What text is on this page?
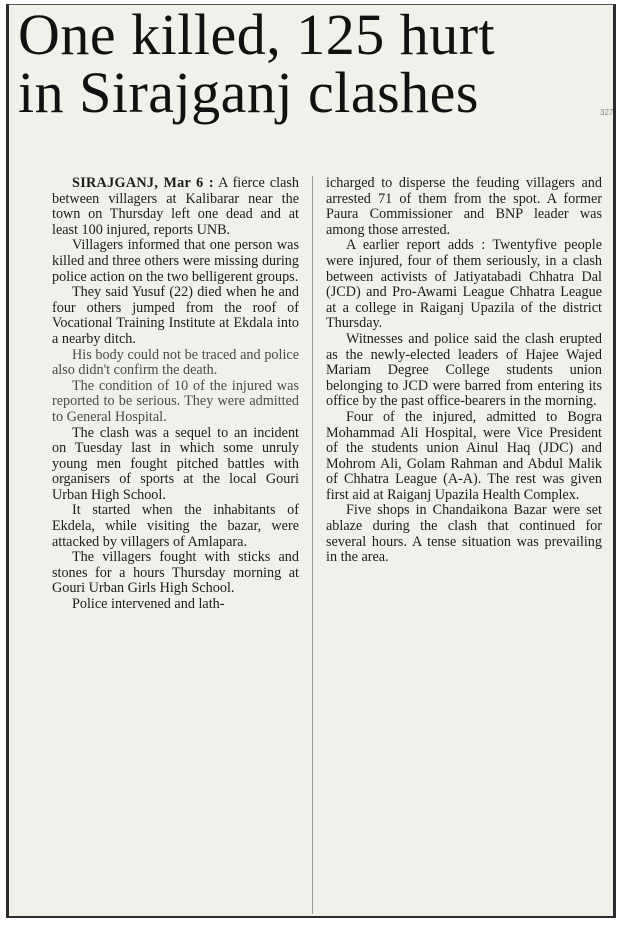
One killed, 125 hurt
in Sirajganj clashes	327

SIRAJGANJ, Mar 6 : A fierce clash between villagers at Kalibarar near the town on Thursday left one dead and at least 100 injured, reports UNB.

Villagers informed that one person was killed and three others were missing during police action on the two belligerent groups.

They said Yusuf (22) died when he and four others jumped from the roof of Vocational Training Institute at Ekdala into a nearby ditch.

His body could not be traced and police also didn't confirm the death.

The condition of 10 of the injured was reported to be serious. They were admitted to General Hospital.

The clash was a sequel to an incident on Tuesday last in which some unruly young men fought pitched battles with organisers of sports at the local Gouri Urban High School.

It started when the inhabitants of Ekdela, while visiting the bazar, were attacked by villagers of Amlapara.

The villagers fought with sticks and stones for a hours Thursday morning at Gouri Urban Girls High School.

Police intervened and lath-

icharged to disperse the feuding villagers and arrested 71 of them from the spot. A former Paura Commissioner and BNP leader was among those arrested.

A earlier report adds : Twentyfive people were injured, four of them seriously, in a clash between activists of Jatiyatabadi Chhatra Dal (JCD) and Pro-Awami League Chhatra League at a college in Raiganj Upazila of the district Thursday.

Witnesses and police said the clash erupted as the newly-elected leaders of Hajee Wajed Mariam Degree College students union belonging to JCD were barred from entering its office by the past office-bearers in the morning.

Four of the injured, admitted to Bogra Mohammad Ali Hospital, were Vice President of the students union Ainul Haq (JDC) and Mohrom Ali, Golam Rahman and Abdul Malik of Chhatra League (A-A). The rest was given first aid at Raiganj Upazila Health Complex.

Five shops in Chandaikona Bazar were set ablaze during the clash that continued for several hours. A tense situation was prevailing in the area.
